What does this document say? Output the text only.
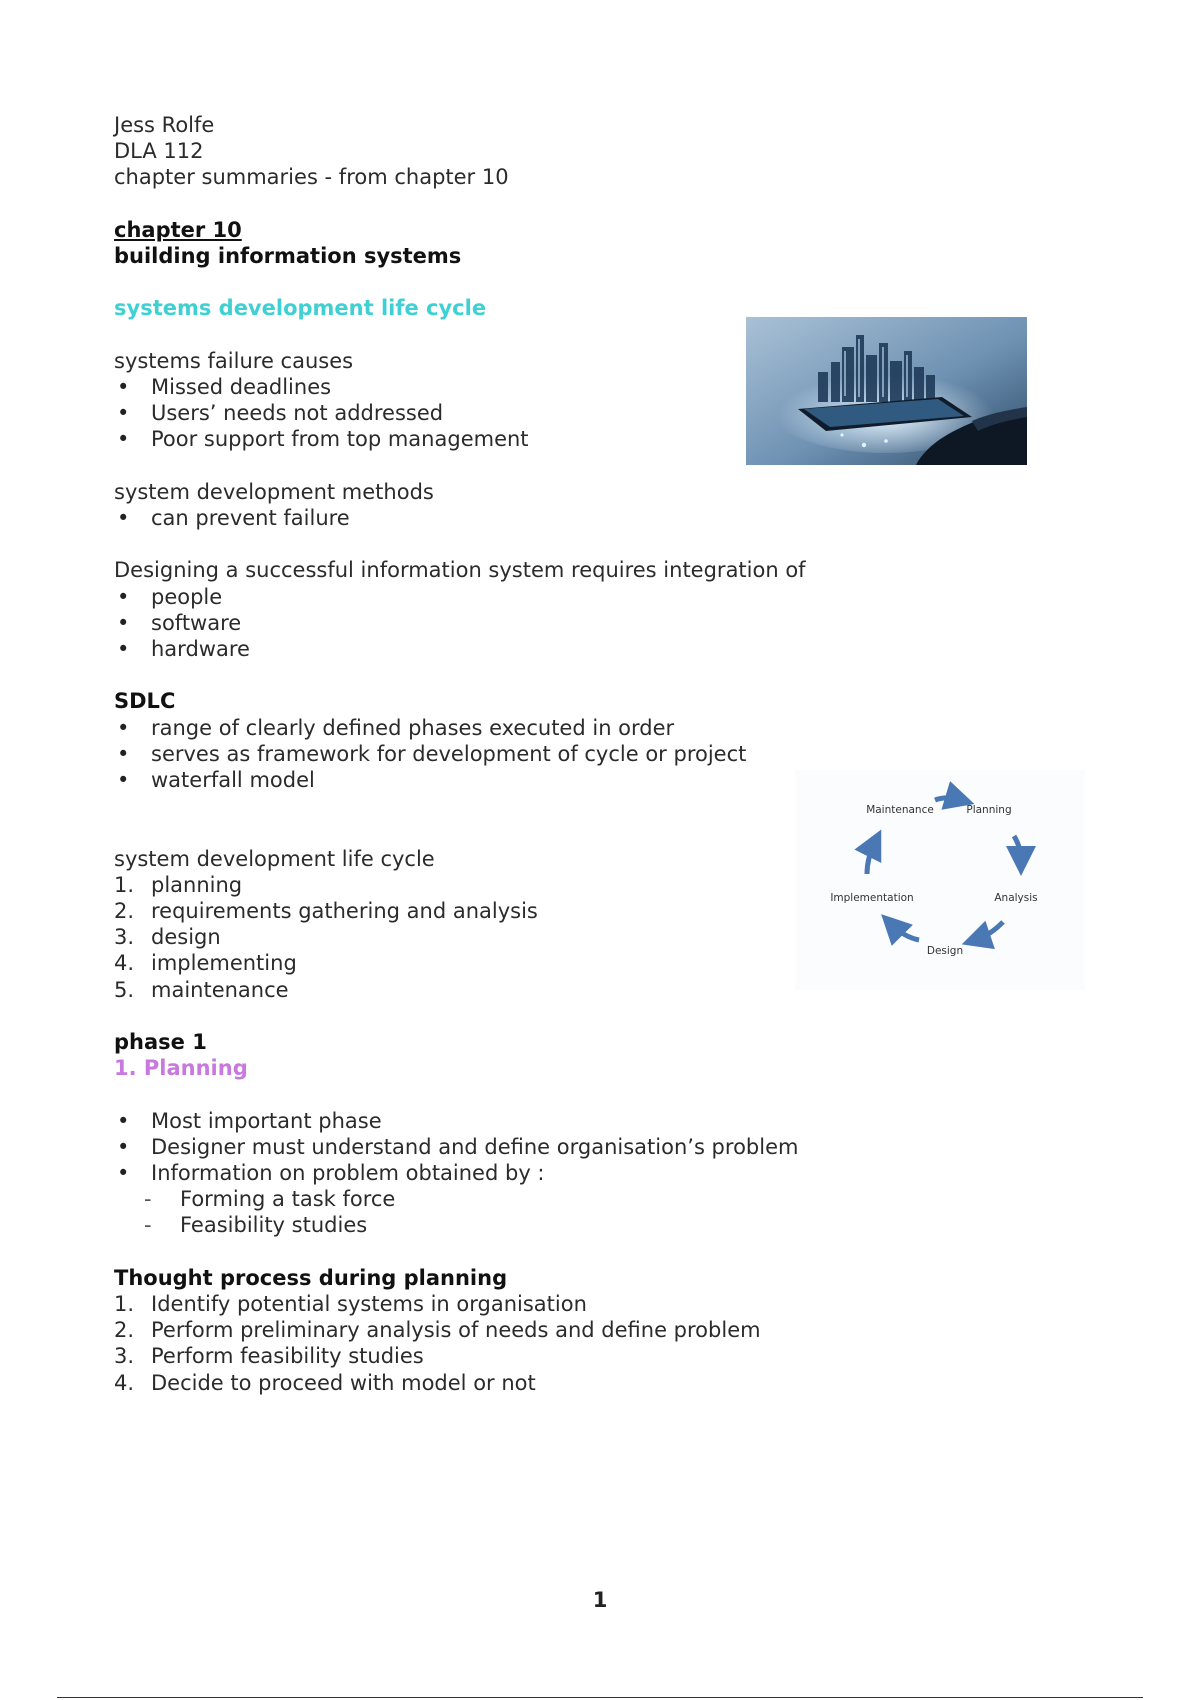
Jess Rolfe

DLA 112

chapter summaries - from chapter 10

chapter 10

building information systems

systems development life cycle

systems failure causes

• Missed deadlines
• Users’ needs not addressed
• Poor support from top management

system development methods

• can prevent failure

Designing a successful information system requires integration of

• people
• software
• hardware

SDLC

• range of clearly defined phases executed in order
• serves as framework for development of cycle or project
• waterfall model

system development life cycle

1. planning
2. requirements gathering and analysis
3. design
4. implementing
5. maintenance

phase 1

1. Planning

• Most important phase
• Designer must understand and define organisation’s problem
• Information on problem obtained by :
- Forming a task force
- Feasibility studies

Thought process during planning

1. Identify potential systems in organisation
2. Perform preliminary analysis of needs and define problem
3. Perform feasibility studies
4. Decide to proceed with model or not
Maintenance	Planning
Implementation	Analysis
Design
1
